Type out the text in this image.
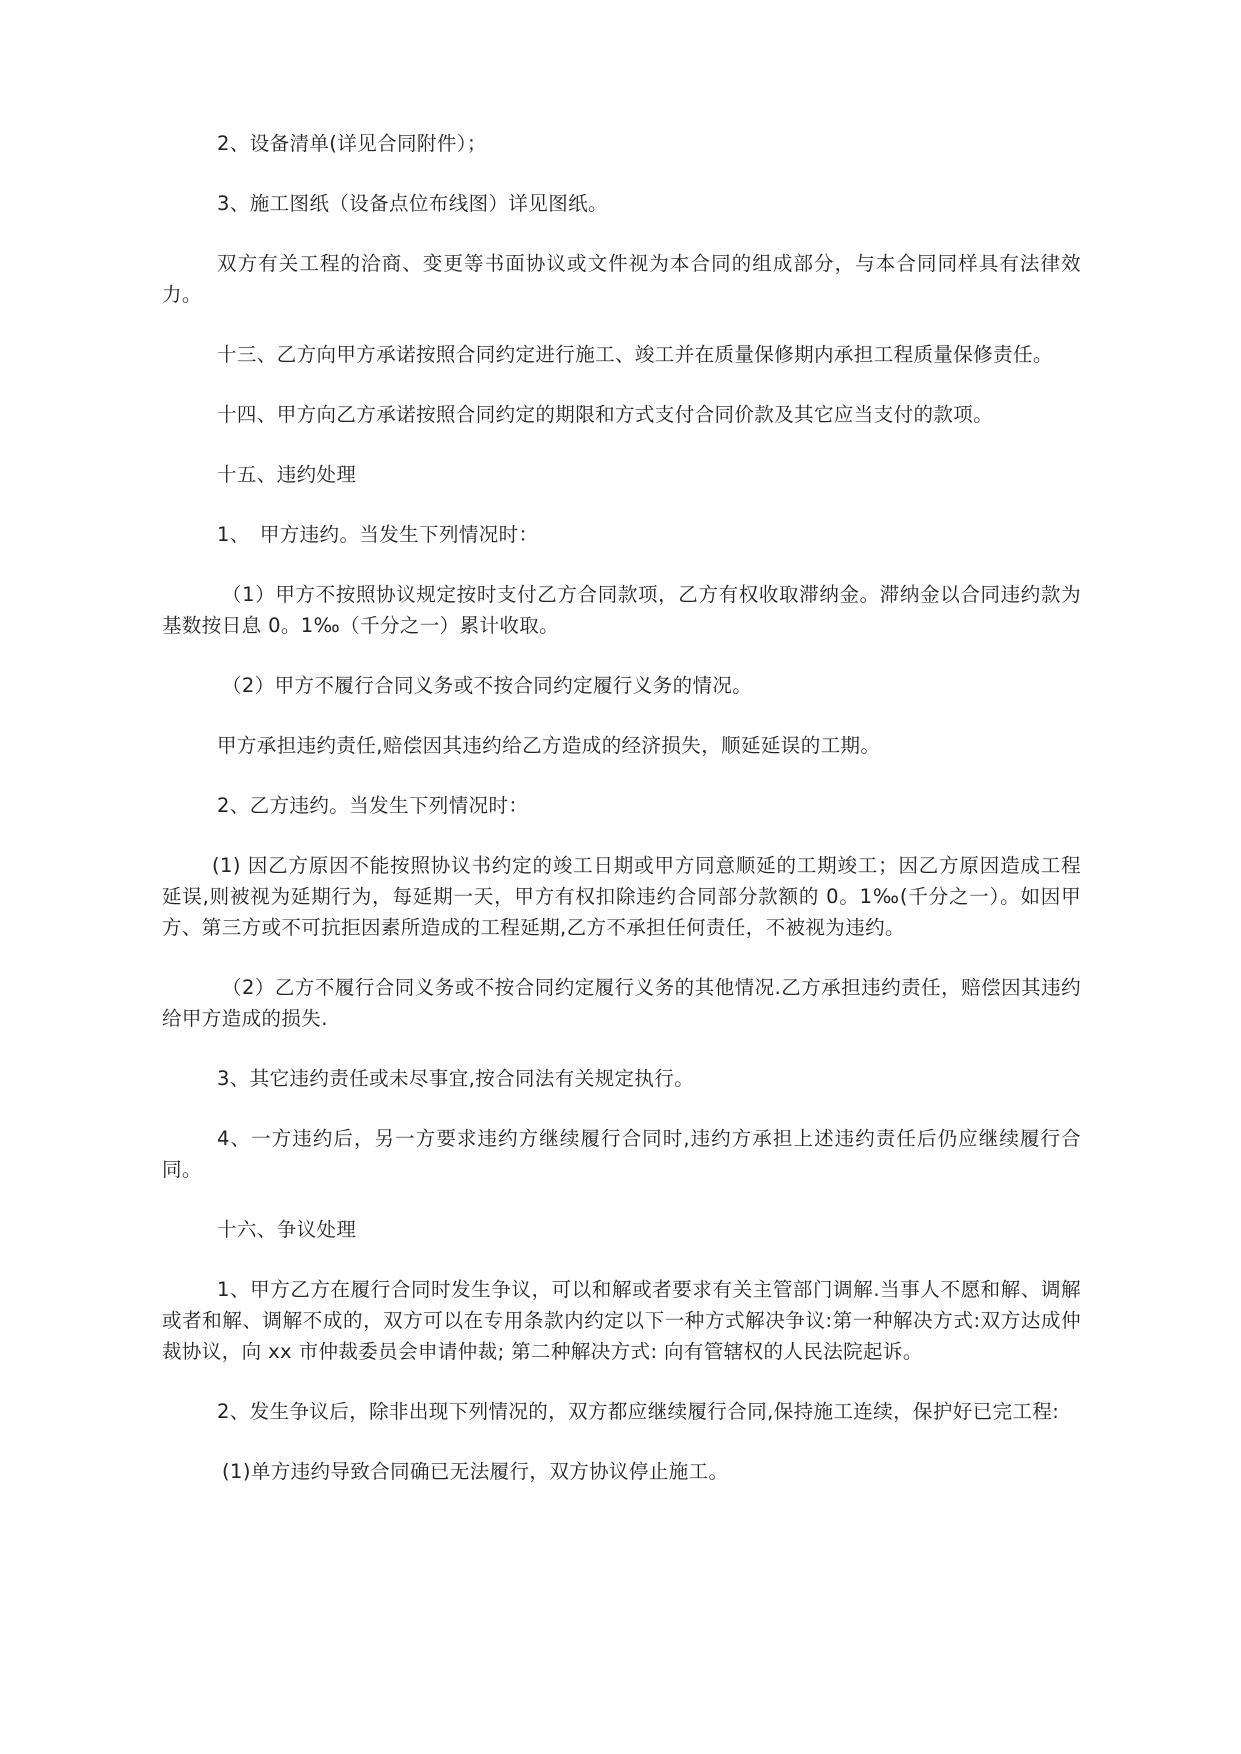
2、设备清单(详见合同附件）；

3、施工图纸（设备点位布线图）详见图纸。

双方有关工程的洽商、变更等书面协议或文件视为本合同的组成部分，与本合同同样具有法律效力。

十三、乙方向甲方承诺按照合同约定进行施工、竣工并在质量保修期内承担工程质量保修责任。

十四、甲方向乙方承诺按照合同约定的期限和方式支付合同价款及其它应当支付的款项。

十五、违约处理

1、　甲方违约。当发生下列情况时：

（1）甲方不按照协议规定按时支付乙方合同款项，乙方有权收取滞纳金。滞纳金以合同违约款为基数按日息 0。1‰（千分之一）累计收取。

（2）甲方不履行合同义务或不按合同约定履行义务的情况。

甲方承担违约责任,赔偿因其违约给乙方造成的经济损失，顺延延误的工期。

2、乙方违约。当发生下列情况时：

(1) 因乙方原因不能按照协议书约定的竣工日期或甲方同意顺延的工期竣工；因乙方原因造成工程延误,则被视为延期行为，每延期一天，甲方有权扣除违约合同部分款额的 0。1‰(千分之一）。如因甲方、第三方或不可抗拒因素所造成的工程延期,乙方不承担任何责任，不被视为违约。

（2）乙方不履行合同义务或不按合同约定履行义务的其他情况.乙方承担违约责任，赔偿因其违约给甲方造成的损失.

3、其它违约责任或未尽事宜,按合同法有关规定执行。

4、一方违约后，另一方要求违约方继续履行合同时,违约方承担上述违约责任后仍应继续履行合同。

十六、争议处理

1、甲方乙方在履行合同时发生争议，可以和解或者要求有关主管部门调解.当事人不愿和解、调解或者和解、调解不成的，双方可以在专用条款内约定以下一种方式解决争议:第一种解决方式:双方达成仲裁协议，向 xx 市仲裁委员会申请仲裁; 第二种解决方式: 向有管辖权的人民法院起诉。

2、发生争议后，除非出现下列情况的，双方都应继续履行合同,保持施工连续，保护好已完工程:

(1)单方违约导致合同确已无法履行，双方协议停止施工。
